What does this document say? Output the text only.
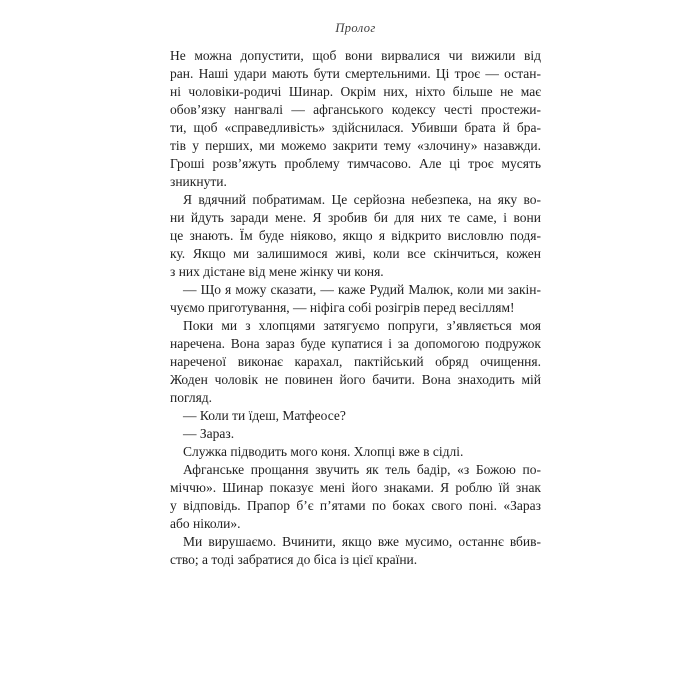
Пролог
Не можна допустити, щоб вони вирвалися чи вижили від
ран. Наші удари мають бути смертельними. Ці троє — остан-
ні чоловіки-родичі Шинар. Окрім них, ніхто більше не має
обов’язку нангвалі — афганського кодексу честі простежи-
ти, щоб «справедливість» здійснилася. Убивши брата й бра-
тів у перших, ми можемо закрити тему «злочину» назавжди.
Гроші розв’яжуть проблему тимчасово. Але ці троє мусять
зникнути.
Я вдячний побратимам. Це серйозна небезпека, на яку во-
ни йдуть заради мене. Я зробив би для них те саме, і вони
це знають. Їм буде ніяково, якщо я відкрито висловлю подя-
ку. Якщо ми залишимося живі, коли все скінчиться, кожен
з них дістане від мене жінку чи коня.
— Що я можу сказати, — каже Рудий Малюк, коли ми закін-
чуємо приготування, — ніфіга собі розігрів перед весіллям!
Поки ми з хлопцями затягуємо попруги, з’являється моя
наречена. Вона зараз буде купатися і за допомогою подружок
нареченої виконає карахал, пактійський обряд очищення.
Жоден чоловік не повинен його бачити. Вона знаходить мій
погляд.
— Коли ти їдеш, Матфеосе?
— Зараз.
Служка підводить мого коня. Хлопці вже в сідлі.
Афганське прощання звучить як тель бадір, «з Божою по-
міччю». Шинар показує мені його знаками. Я роблю їй знак
у відповідь. Прапор б’є п’ятами по боках свого поні. «Зараз
або ніколи».
Ми вирушаємо. Вчинити, якщо вже мусимо, останнє вбив-
ство; а тоді забратися до біса із цієї країни.
